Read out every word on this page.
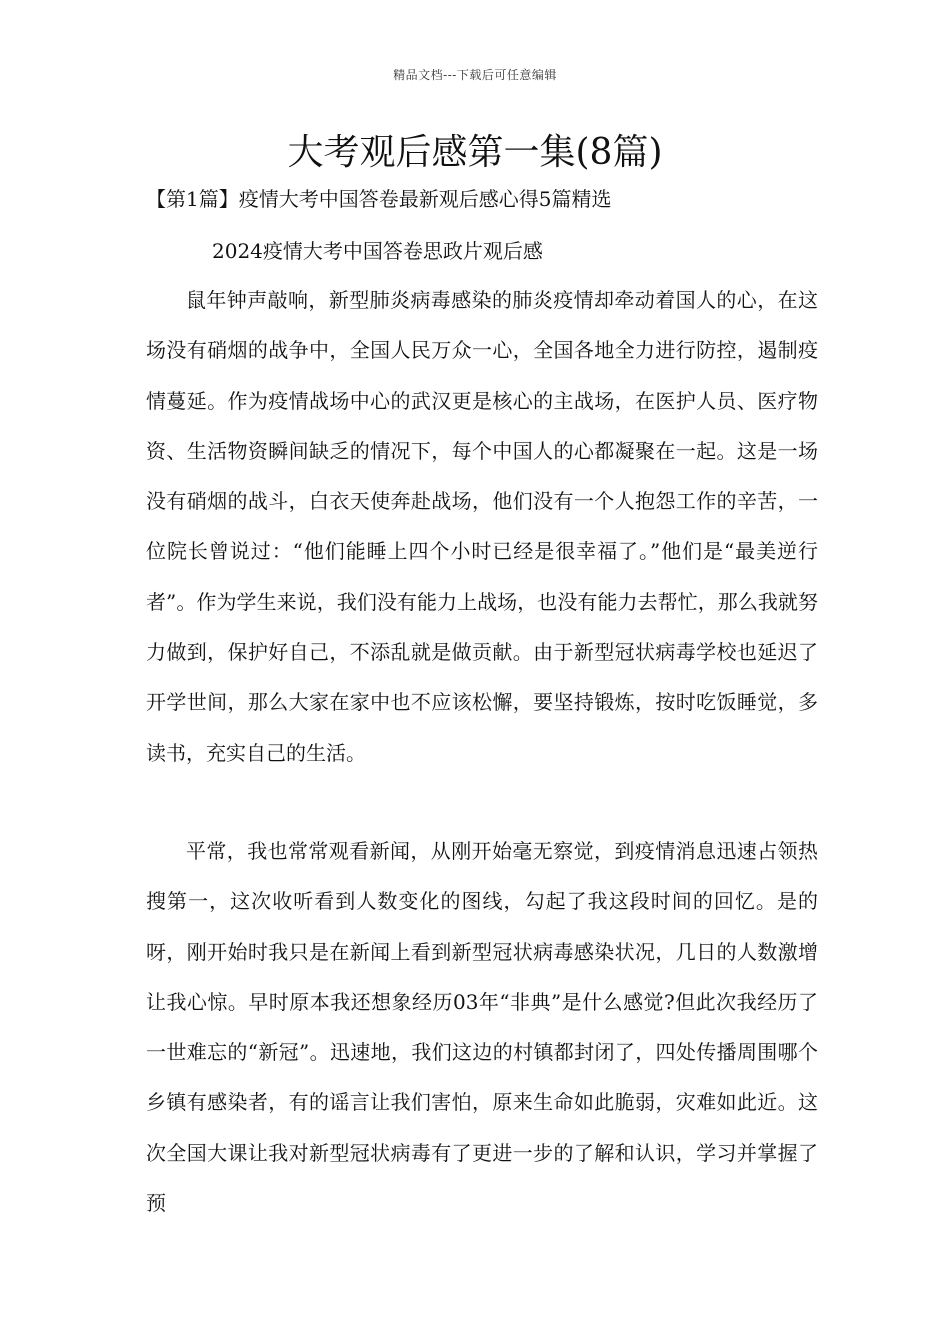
精品文档---下载后可任意编辑
大考观后感第一集(8篇)

【第1篇】疫情大考中国答卷最新观后感心得5篇精选

2024疫情大考中国答卷思政片观后感

鼠年钟声敲响，新型肺炎病毒感染的肺炎疫情却牵动着国人的心，在这场没有硝烟的战争中，全国人民万众一心，全国各地全力进行防控，遏制疫情蔓延。作为疫情战场中心的武汉更是核心的主战场，在医护人员、医疗物资、生活物资瞬间缺乏的情况下，每个中国人的心都凝聚在一起。这是一场没有硝烟的战斗，白衣天使奔赴战场，他们没有一个人抱怨工作的辛苦，一位院长曾说过：“他们能睡上四个小时已经是很幸福了。”他们是“最美逆行者”。作为学生来说，我们没有能力上战场，也没有能力去帮忙，那么我就努力做到，保护好自己，不添乱就是做贡献。由于新型冠状病毒学校也延迟了开学世间，那么大家在家中也不应该松懈，要坚持锻炼，按时吃饭睡觉，多读书，充实自己的生活。

平常，我也常常观看新闻，从刚开始毫无察觉，到疫情消息迅速占领热搜第一，这次收听看到人数变化的图线，勾起了我这段时间的回忆。是的呀，刚开始时我只是在新闻上看到新型冠状病毒感染状况，几日的人数激增让我心惊。早时原本我还想象经历03年“非典”是什么感觉?但此次我经历了一世难忘的“新冠”。迅速地，我们这边的村镇都封闭了，四处传播周围哪个乡镇有感染者，有的谣言让我们害怕，原来生命如此脆弱，灾难如此近。这次全国大课让我对新型冠状病毒有了更进一步的了解和认识，学习并掌握了预
